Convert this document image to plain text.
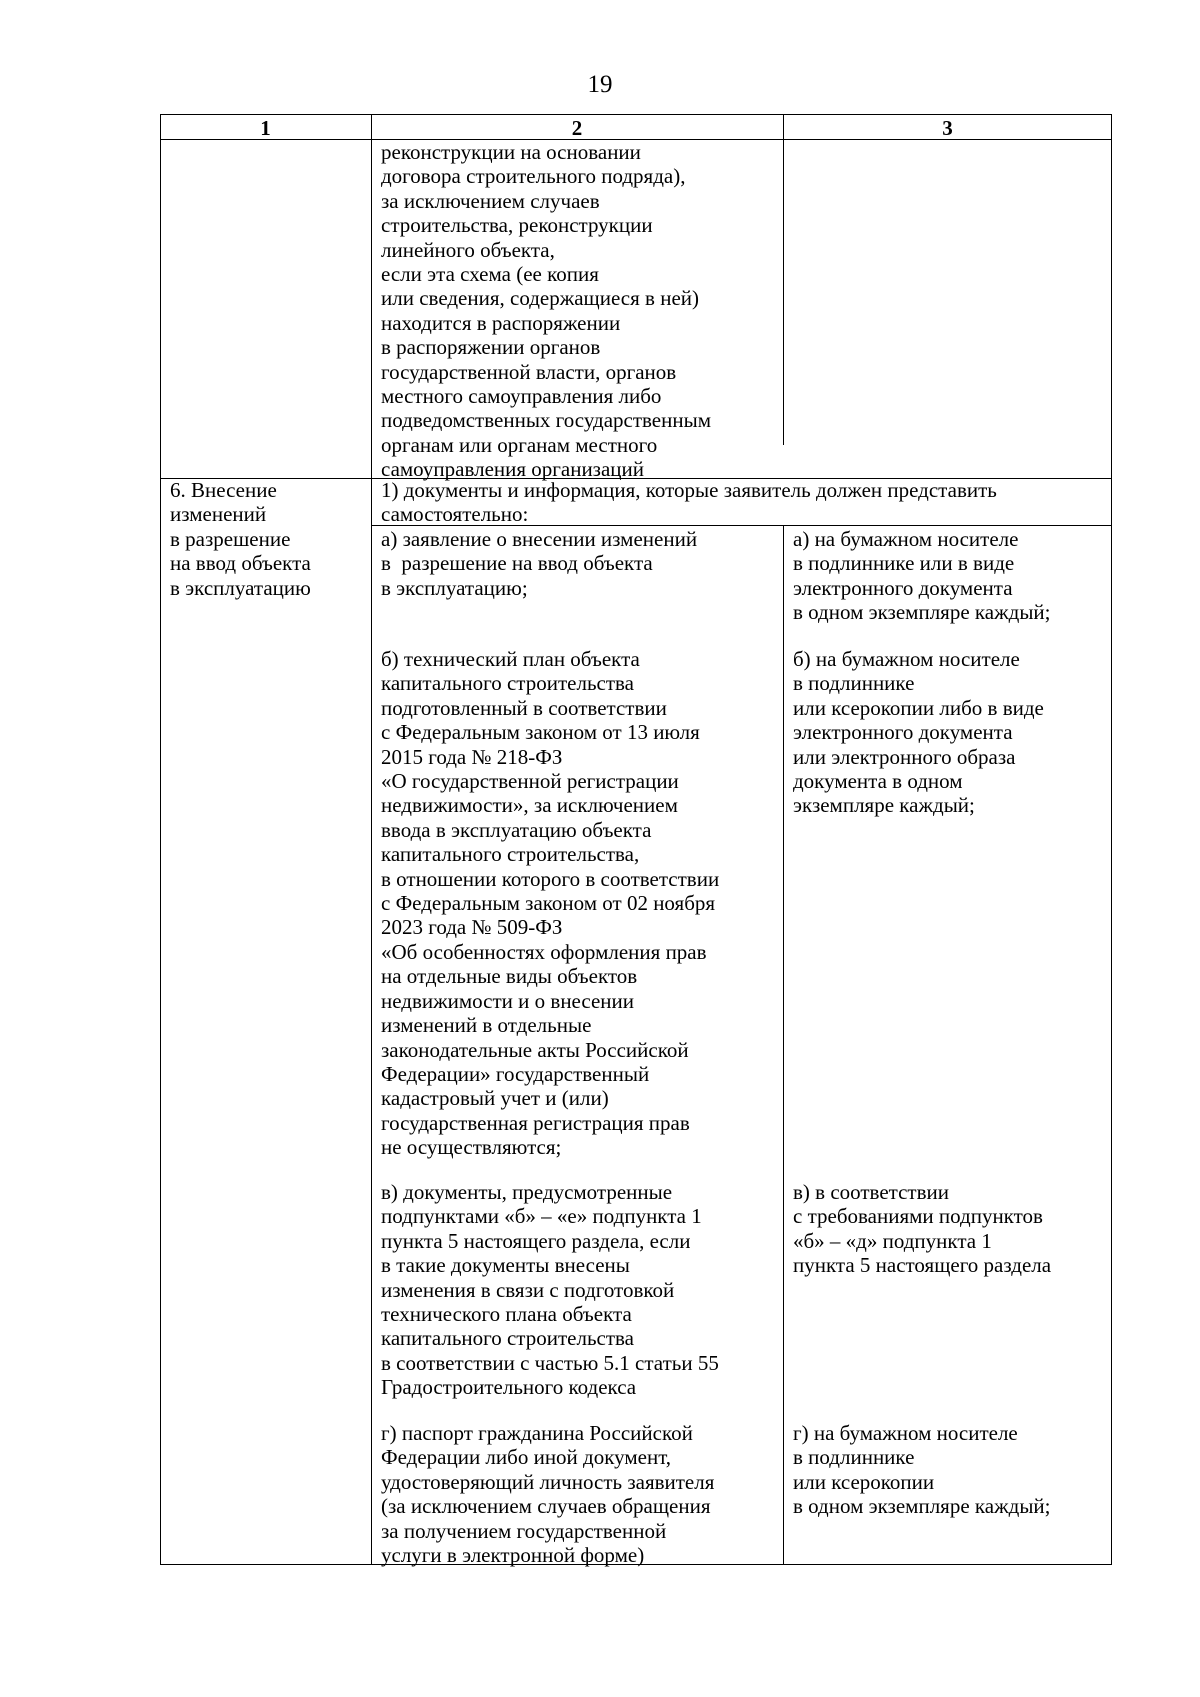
19
1	2	3
реконструкции на основании
договора строительного подряда),
за исключением случаев
строительства, реконструкции
линейного объекта,
если эта схема (ее копия
или сведения, содержащиеся в ней)
находится в распоряжении
в распоряжении органов
государственной власти, органов
местного самоуправления либо
подведомственных государственным
органам или органам местного
самоуправления организаций
6. Внесение
изменений
в разрешение
на ввод объекта
в эксплуатацию
1) документы и информация, которые заявитель должен представить
самостоятельно:
а) заявление о внесении изменений
в  разрешение на ввод объекта
в эксплуатацию;
а) на бумажном носителе
в подлиннике или в виде
электронного документа
в одном экземпляре каждый;
б) технический план объекта
капитального строительства
подготовленный в соответствии
с Федеральным законом от 13 июля
2015 года № 218-ФЗ
«О государственной регистрации
недвижимости», за исключением
ввода в эксплуатацию объекта
капитального строительства,
в отношении которого в соответствии
с Федеральным законом от 02 ноября
2023 года № 509-ФЗ
«Об особенностях оформления прав
на отдельные виды объектов
недвижимости и о внесении
изменений в отдельные
законодательные акты Российской
Федерации» государственный
кадастровый учет и (или)
государственная регистрация прав
не осуществляются;
б) на бумажном носителе
в подлиннике
или ксерокопии либо в виде
электронного документа
или электронного образа
документа в одном
экземпляре каждый;
в) документы, предусмотренные
подпунктами «б» – «е» подпункта 1
пункта 5 настоящего раздела, если
в такие документы внесены
изменения в связи с подготовкой
технического плана объекта
капитального строительства
в соответствии с частью 5.1 статьи 55
Градостроительного кодекса
в) в соответствии
с требованиями подпунктов
«б» – «д» подпункта 1
пункта 5 настоящего раздела
г) паспорт гражданина Российской
Федерации либо иной документ,
удостоверяющий личность заявителя
(за исключением случаев обращения
за получением государственной
услуги в электронной форме)
г) на бумажном носителе
в подлиннике
или ксерокопии
в одном экземпляре каждый;
